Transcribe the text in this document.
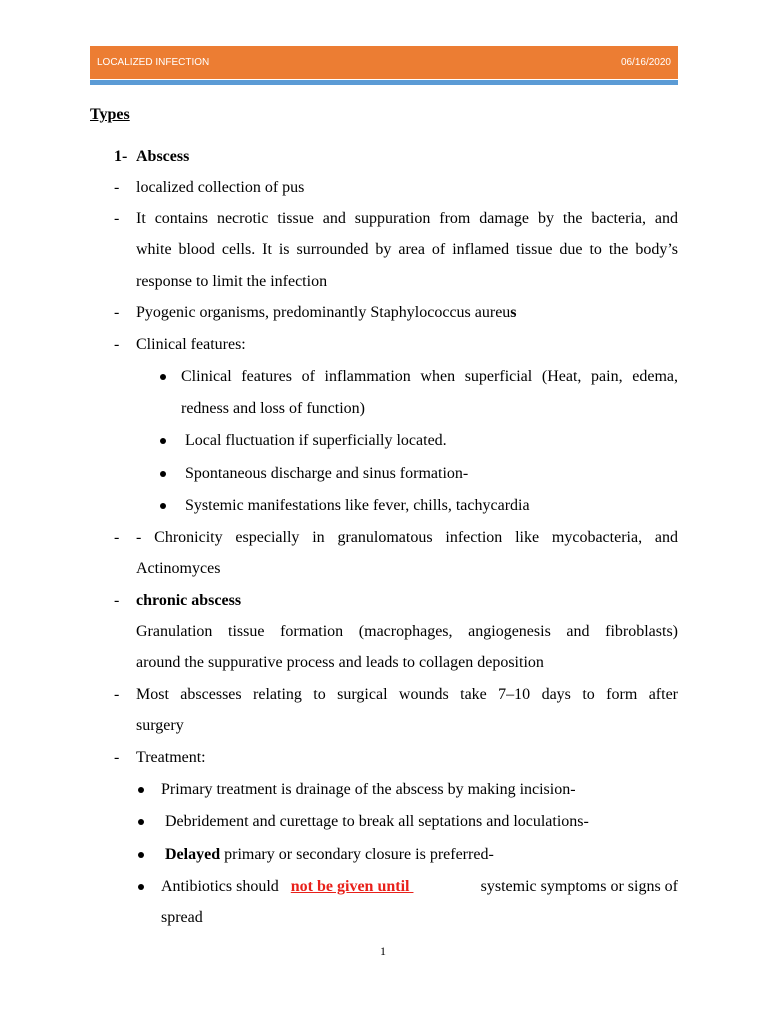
LOCALIZED INFECTION	06/16/2020
Types
1- Abscess
- localized collection of pus
- It contains necrotic tissue and suppuration from damage by the bacteria, and
white blood cells. It is surrounded by area of inflamed tissue due to the body’s
response to limit the infection
- Pyogenic organisms, predominantly Staphylococcus aureus
- Clinical features:
Clinical features of inflammation when superficial (Heat, pain, edema,
redness and loss of function)
Local fluctuation if superficially located.
Spontaneous discharge and sinus formation-
Systemic manifestations like fever, chills, tachycardia
- - Chronicity especially in granulomatous infection like mycobacteria, and
Actinomyces
- chronic abscess
Granulation tissue formation (macrophages, angiogenesis and fibroblasts)
around the suppurative process and leads to collagen deposition
- Most abscesses relating to surgical wounds take 7–10 days to form after
surgery
- Treatment:
Primary treatment is drainage of the abscess by making incision-
Debridement and curettage to break all septations and loculations-
Delayed primary or secondary closure is preferred-
Antibiotics should not be given until	systemic symptoms or signs of
spread
1
